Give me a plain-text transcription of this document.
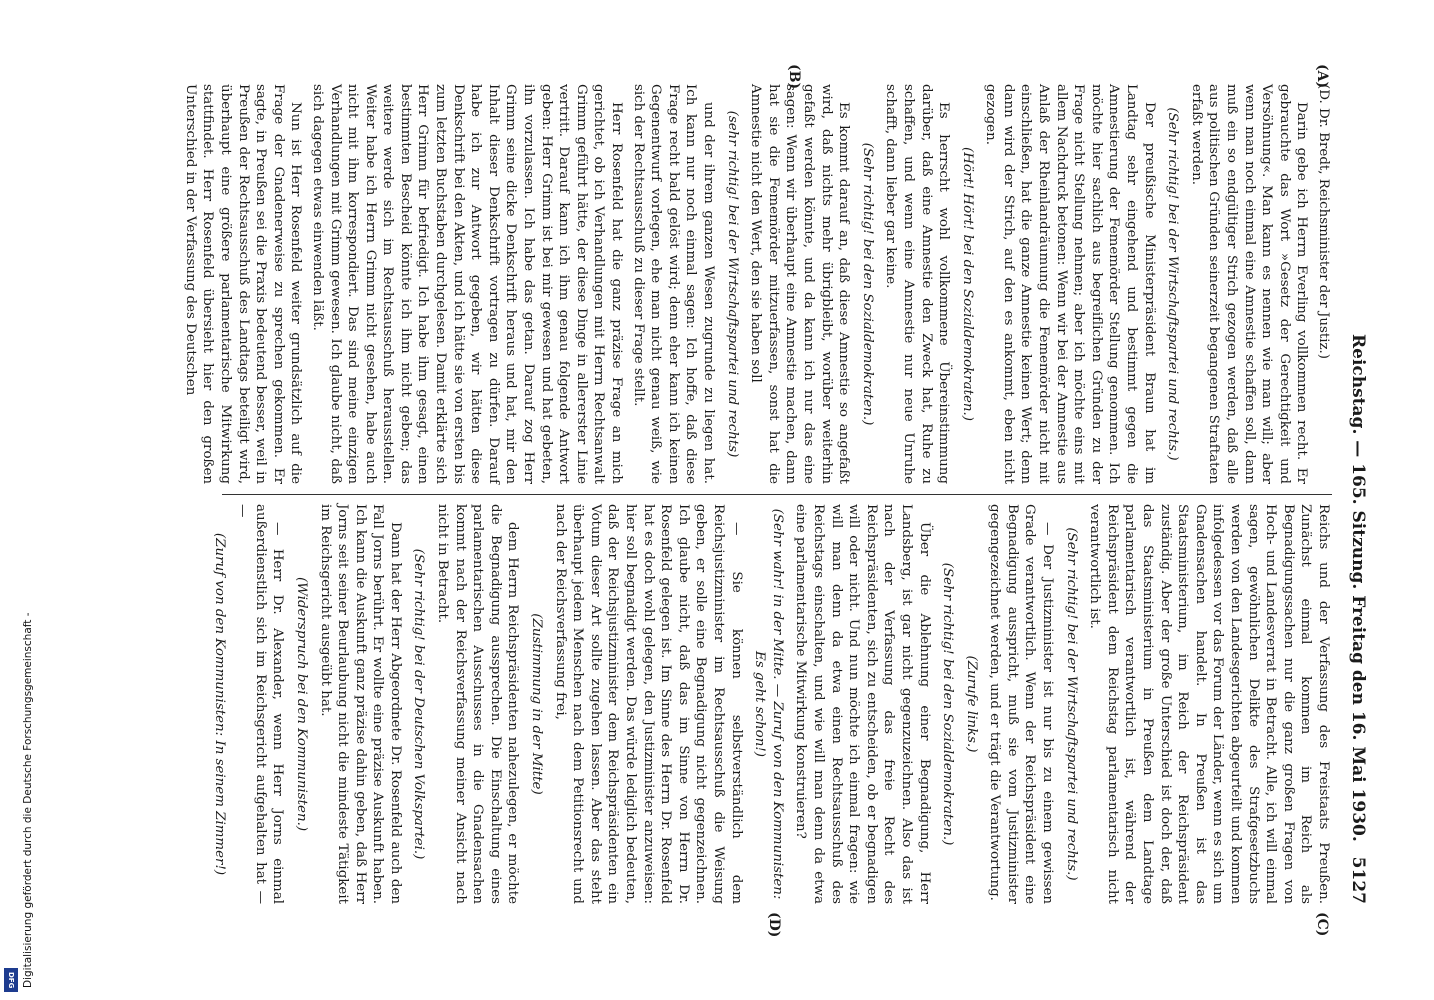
Reichstag. — 165. Sitzung. Freitag den 16. Mai 1930.
5127
(A)
(B)
(C)
(D)

(D. Dr. Bredt, Reichsminister der Justiz.)

Darin gebe ich Herrn Everling vollkommen recht. Er gebrauchte das Wort »Gesetz der Gerechtigkeit und Versöhnung«. Man kann es nennen wie man will; aber wenn man noch einmal eine Amnestie schaffen soll, dann muß ein so endgültiger Strich gezogen werden, daß alle aus politischen Gründen seinerzeit begangenen Straftaten erfaßt werden.

(Sehr richtig! bei der Wirtschaftspartei und rechts.)

Der preußische Ministerpräsident Braun hat im Landtag sehr eingehend und bestimmt gegen die Amnestierung der Fememörder Stellung genommen. Ich möchte hier sachlich aus begreiflichen Gründen zu der Frage nicht Stellung nehmen; aber ich möchte eins mit allem Nachdruck betonen: Wenn wir bei der Amnestie aus Anlaß der Rheinlandräumung die Fememörder nicht mit einschließen, hat die ganze Amnestie keinen Wert; denn dann wird der Strich, auf den es ankommt, eben nicht gezogen.

(Hört! Hört! bei den Sozialdemokraten.)

Es herrscht wohl vollkommene Übereinstimmung darüber, daß eine Amnestie den Zweck hat, Ruhe zu schaffen, und wenn eine Amnestie nur neue Unruhe schafft, dann lieber gar keine.

(Sehr richtig! bei den Sozialdemokraten.)

Es kommt darauf an, daß diese Amnestie so angefaßt wird, daß nichts mehr übrigbleibt, worüber weiterhin gefaßt werden könnte, und da kann ich nur das eine sagen: Wenn wir überhaupt eine Amnestie machen, dann hat sie die Fememörder mitzuerfassen, sonst hat die Amnestie nicht den Wert, den sie haben soll

(sehr richtig! bei der Wirtschaftspartei und rechts)

und der ihrem ganzen Wesen zugrunde zu liegen hat. Ich kann nur noch einmal sagen: Ich hoffe, daß diese Frage recht bald gelöst wird; denn eher kann ich keinen Gegenentwurf vorlegen, ehe man nicht genau weiß, wie sich der Rechtsausschuß zu dieser Frage stellt.

Herr Rosenfeld hat die ganz präzise Frage an mich gerichtet, ob ich Verhandlungen mit Herrn Rechtsanwalt Grimm geführt hätte, der diese Dinge in allererster Linie vertritt. Darauf kann ich ihm genau folgende Antwort geben: Herr Grimm ist bei mir gewesen und hat gebeten, ihn vorzulassen. Ich habe das getan. Darauf zog Herr Grimm seine dicke Denkschrift heraus und hat, mir den Inhalt dieser Denkschrift vortragen zu dürfen. Darauf habe ich zur Antwort gegeben, wir hätten diese Denkschrift bei den Akten, und ich hätte sie von ersten bis zum letzten Buchstaben durchgelesen. Damit erklärte sich Herr Grimm für befriedigt. Ich habe ihm gesagt, einen bestimmten Bescheid könnte ich ihm nicht geben; das weitere werde sich im Rechtsausschuß herausstellen. Weiter habe ich Herrn Grimm nicht gesehen, habe auch nicht mit ihm korrespondiert. Das sind meine einzigen Verhandlungen mit Grimm gewesen. Ich glaube nicht, daß sich dagegen etwas einwenden läßt.

Nun ist Herr Rosenfeld weiter grundsätzlich auf die Frage der Gnadenerweise zu sprechen gekommen. Er sagte, in Preußen sei die Praxis bedeutend besser, weil in Preußen der Rechtsausschuß des Landtags beteiligt wird, überhaupt eine größere parlamentarische Mitwirkung stattfindet. Herr Rosenfeld übersieht hier den großen Unterschied in der Verfassung des Deutschen

Reichs und der Verfassung des Freistaats Preußen. Zunächst einmal kommen im Reich als Begnadigungssachen nur die ganz großen Fragen von Hoch- und Landesverrat in Betracht. Alle, ich will einmal sagen, gewöhnlichen Delikte des Strafgesetzbuchs werden von den Landesgerichten abgeurteilt und kommen infolgedessen vor das Forum der Länder, wenn es sich um Gnadensachen handelt. In Preußen ist das Staatsministerium, im Reich der Reichspräsident zuständig. Aber der große Unterschied ist doch der, daß das Staatsministerium in Preußen dem Landtage parlamentarisch verantwortlich ist, während der Reichspräsident dem Reichstag parlamentarisch nicht verantwortlich ist.

(Sehr richtig! bei der Wirtschaftspartei und rechts.)

— Der Justizminister ist nur bis zu einem gewissen Grade verantwortlich. Wenn der Reichspräsident eine Begnadigung ausspricht, muß sie vom Justizminister gegengezeichnet werden, und er trägt die Verantwortung.

(Zurufe links.)

(Sehr richtig! bei den Sozialdemokraten.)

Über die Ablehnung einer Begnadigung, Herr Landsberg, ist gar nicht gegenzuzeichnen. Also das ist nach der Verfassung das freie Recht des Reichspräsidenten, sich zu entscheiden, ob er begnadigen will oder nicht. Und nun möchte ich einmal fragen: wie will man denn da etwa einen Rechtsausschuß des Reichstags einschalten, und wie will man denn da etwa eine parlamentarische Mitwirkung konstruieren?

(Sehr wahr! in der Mitte. — Zuruf von den Kommunisten: Es geht schon!)

— Sie können selbstverständlich dem Reichsjustizminister im Rechtsausschuß die Weisung geben, er solle eine Begnadigung nicht gegenzeichnen. Ich glaube nicht, daß das im Sinne von Herrn Dr. Rosenfeld gelegen ist. Im Sinne des Herrn Dr. Rosenfeld hat es doch wohl gelegen, den Justizminister anzuweisen: hier soll begnadigt werden. Das würde lediglich bedeuten, daß der Reichsjustizminister dem Reichspräsidenten ein Votum dieser Art sollte zugehen lassen. Aber das steht überhaupt jedem Menschen nach dem Petitionsrecht und nach der Reichsverfassung frei,

(Zustimmung in der Mitte)

dem Herrn Reichspräsidenten nahezulegen, er möchte die Begnadigung aussprechen. Die Einschaltung eines parlamentarischen Ausschusses in die Gnadensachen kommt nach der Reichsverfassung meiner Ansicht nach nicht in Betracht.

(Sehr richtig! bei der Deutschen Volkspartei.)

Dann hat der Herr Abgeordnete Dr. Rosenfeld auch den Fall Jorns berührt. Er wollte eine präzise Auskunft haben. Ich kann die Auskunft ganz präzise dahin geben, daß Herr Jorns seit seiner Beurlaubung nicht die mindeste Tätigkeit im Reichsgericht ausgeübt hat.

(Widerspruch bei den Kommunisten.)

— Herr Dr. Alexander, wenn Herr Jorns einmal außerdienstlich sich im Reichsgericht aufgehalten hat — —

(Zuruf von den Kommunisten: In seinem Zimmer!)

DFG Digitalisierung gefördert durch die Deutsche Forschungsgemeinschaft -
